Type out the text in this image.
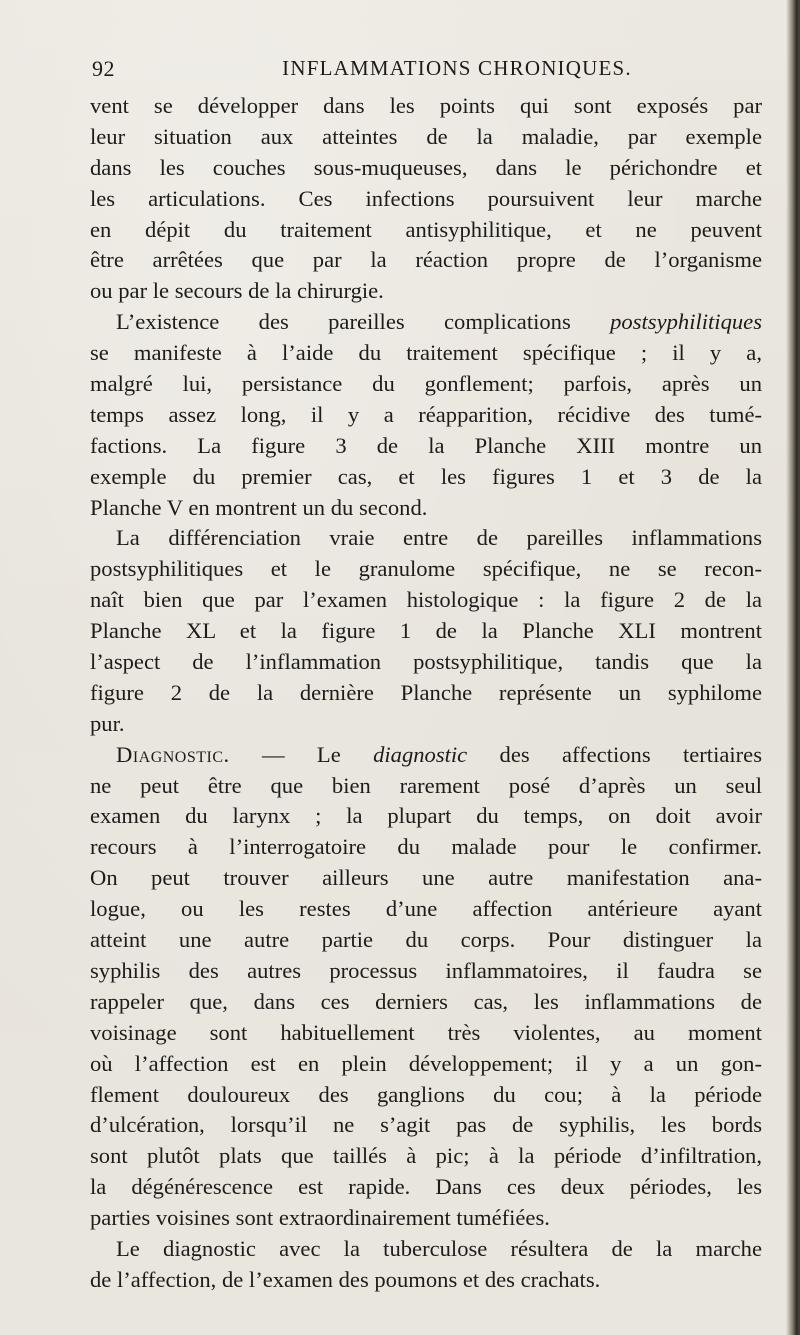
92	INFLAMMATIONS CHRONIQUES.
vent se développer dans les points qui sont exposés par
leur situation aux atteintes de la maladie, par exemple
dans les couches sous-muqueuses, dans le périchondre et
les articulations. Ces infections poursuivent leur marche
en dépit du traitement antisyphilitique, et ne peuvent
être arrêtées que par la réaction propre de l’organisme
ou par le secours de la chirurgie.
L’existence des pareilles complications postsyphilitiques
se manifeste à l’aide du traitement spécifique ; il y a,
malgré lui, persistance du gonflement; parfois, après un
temps assez long, il y a réapparition, récidive des tumé-
factions. La figure 3 de la Planche XIII montre un
exemple du premier cas, et les figures 1 et 3 de la
Planche V en montrent un du second.
La différenciation vraie entre de pareilles inflammations
postsyphilitiques et le granulome spécifique, ne se recon-
naît bien que par l’examen histologique : la figure 2 de la
Planche XL et la figure 1 de la Planche XLI montrent
l’aspect de l’inflammation postsyphilitique, tandis que la
figure 2 de la dernière Planche représente un syphilome
pur.
Diagnostic. — Le diagnostic des affections tertiaires
ne peut être que bien rarement posé d’après un seul
examen du larynx ; la plupart du temps, on doit avoir
recours à l’interrogatoire du malade pour le confirmer.
On peut trouver ailleurs une autre manifestation ana-
logue, ou les restes d’une affection antérieure ayant
atteint une autre partie du corps. Pour distinguer la
syphilis des autres processus inflammatoires, il faudra se
rappeler que, dans ces derniers cas, les inflammations de
voisinage sont habituellement très violentes, au moment
où l’affection est en plein développement; il y a un gon-
flement douloureux des ganglions du cou; à la période
d’ulcération, lorsqu’il ne s’agit pas de syphilis, les bords
sont plutôt plats que taillés à pic; à la période d’infiltration,
la dégénérescence est rapide. Dans ces deux périodes, les
parties voisines sont extraordinairement tuméfiées.
Le diagnostic avec la tuberculose résultera de la marche
de l’affection, de l’examen des poumons et des crachats.
